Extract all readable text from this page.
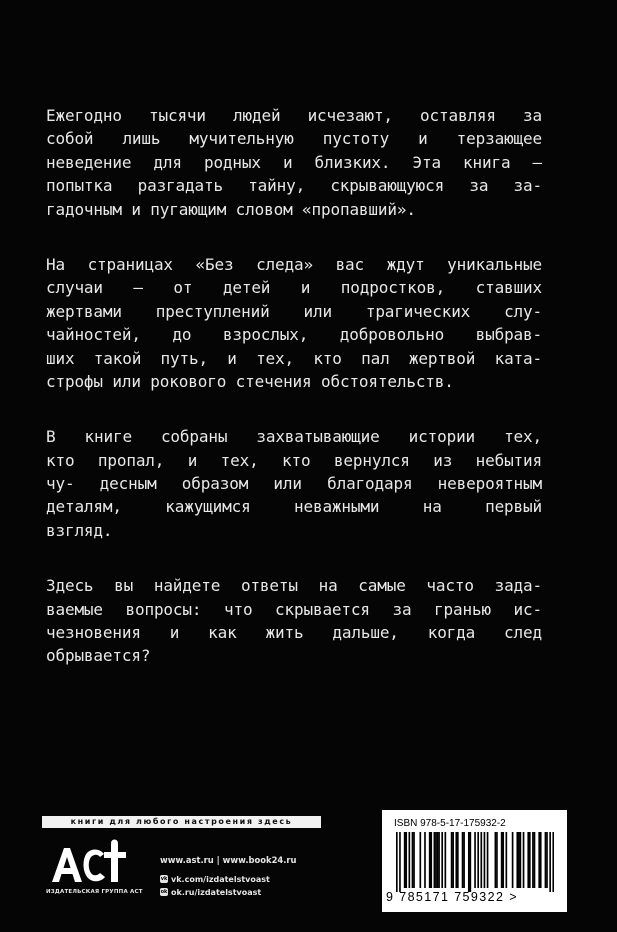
Ежегодно тысячи людей исчезают, оставляя за
собой лишь мучительную пустоту и терзающее
неведение для родных и близких. Эта книга —
попытка разгадать тайну, скрывающуюся за за-
гадочным и пугающим словом «пропавший».
На страницах «Без следа» вас ждут уникальные
случаи — от детей и подростков, ставших
жертвами преступлений или трагических слу-
чайностей, до взрослых, добровольно выбрав-
ших такой путь, и тех, кто пал жертвой ката-
строфы или рокового стечения обстоятельств.
В книге собраны захватывающие истории тех,
кто пропал, и тех, кто вернулся из небытия
чу- десным образом или благодаря невероятным
деталям, кажущимся неважными на первый
взгляд.
Здесь вы найдете ответы на самые часто зада-
ваемые вопросы: что скрывается за гранью ис-
чезновения и как жить дальше, когда след
обрывается?
книги для любого настроения здесь
ИЗДАТЕЛЬСКАЯ ГРУППА АСТ
www.ast.ru | www.book24.ru
vk vk.com/izdatelstvoast
ok ok.ru/izdatelstvoast
ISBN 978-5-17-175932-2
9 785171 759322 >
